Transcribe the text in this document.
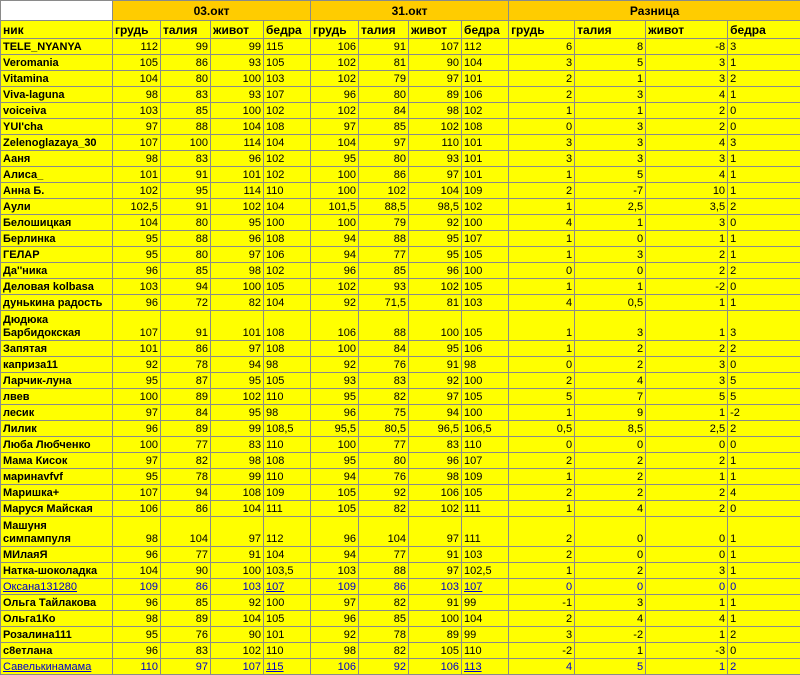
	03.окт				31.окт				Разница			
ник	грудь	талия	живот	бедра	грудь	талия	живот	бедра	грудь	талия	живот	бедра
TELE_NYANYA	112	99	99	115	106	91	107	112	6	8	-8	3
Veromania	105	86	93	105	102	81	90	104	3	5	3	1
Vitamina	104	80	100	103	102	79	97	101	2	1	3	2
Viva-laguna	98	83	93	107	96	80	89	106	2	3	4	1
voiceiva	103	85	100	102	102	84	98	102	1	1	2	0
YUI'cha	97	88	104	108	97	85	102	108	0	3	2	0
Zelenoglazaya_30	107	100	114	104	104	97	110	101	3	3	4	3
Ааня	98	83	96	102	95	80	93	101	3	3	3	1
Алиса_	101	91	101	102	100	86	97	101	1	5	4	1
Анна Б.	102	95	114	110	100	102	104	109	2	-7	10	1
Аули	102,5	91	102	104	101,5	88,5	98,5	102	1	2,5	3,5	2
Белошицкая	104	80	95	100	100	79	92	100	4	1	3	0
Берлинка	95	88	96	108	94	88	95	107	1	0	1	1
ГЕЛАР	95	80	97	106	94	77	95	105	1	3	2	1
Да''ника	96	85	98	102	96	85	96	100	0	0	2	2
Деловая kolbasa	103	94	100	105	102	93	102	105	1	1	-2	0
дунькина радость	96	72	82	104	92	71,5	81	103	4	0,5	1	1
Дюдюка Барбидокская	107	91	101	108	106	88	100	105	1	3	1	3
Запятая	101	86	97	108	100	84	95	106	1	2	2	2
каприза11	92	78	94	98	92	76	91	98	0	2	3	0
Ларчик-луна	95	87	95	105	93	83	92	100	2	4	3	5
лвев	100	89	102	110	95	82	97	105	5	7	5	5
лесик	97	84	95	98	96	75	94	100	1	9	1	-2
Лилик	96	89	99	108,5	95,5	80,5	96,5	106,5	0,5	8,5	2,5	2
Люба Любченко	100	77	83	110	100	77	83	110	0	0	0	0
Мама Кисок	97	82	98	108	95	80	96	107	2	2	2	1
маринаvfvf	95	78	99	110	94	76	98	109	1	2	1	1
Маришка+	107	94	108	109	105	92	106	105	2	2	2	4
Маруся Майская	106	86	104	111	105	82	102	111	1	4	2	0
Машуня симпампуля	98	104	97	112	96	104	97	111	2	0	0	1
МИлаяЯ	96	77	91	104	94	77	91	103	2	0	0	1
Натка-шоколадка	104	90	100	103,5	103	88	97	102,5	1	2	3	1
Оксана131280	109	86	103	107	109	86	103	107	0	0	0	0
Ольга Тайлакова	96	85	92	100	97	82	91	99	-1	3	1	1
Ольга1Ко	98	89	104	105	96	85	100	104	2	4	4	1
Розалина111	95	76	90	101	92	78	89	99	3	-2	1	2
с8етлана	96	83	102	110	98	82	105	110	-2	1	-3	0
Савелькинамама	110	97	107	115	106	92	106	113	4	5	1	2
